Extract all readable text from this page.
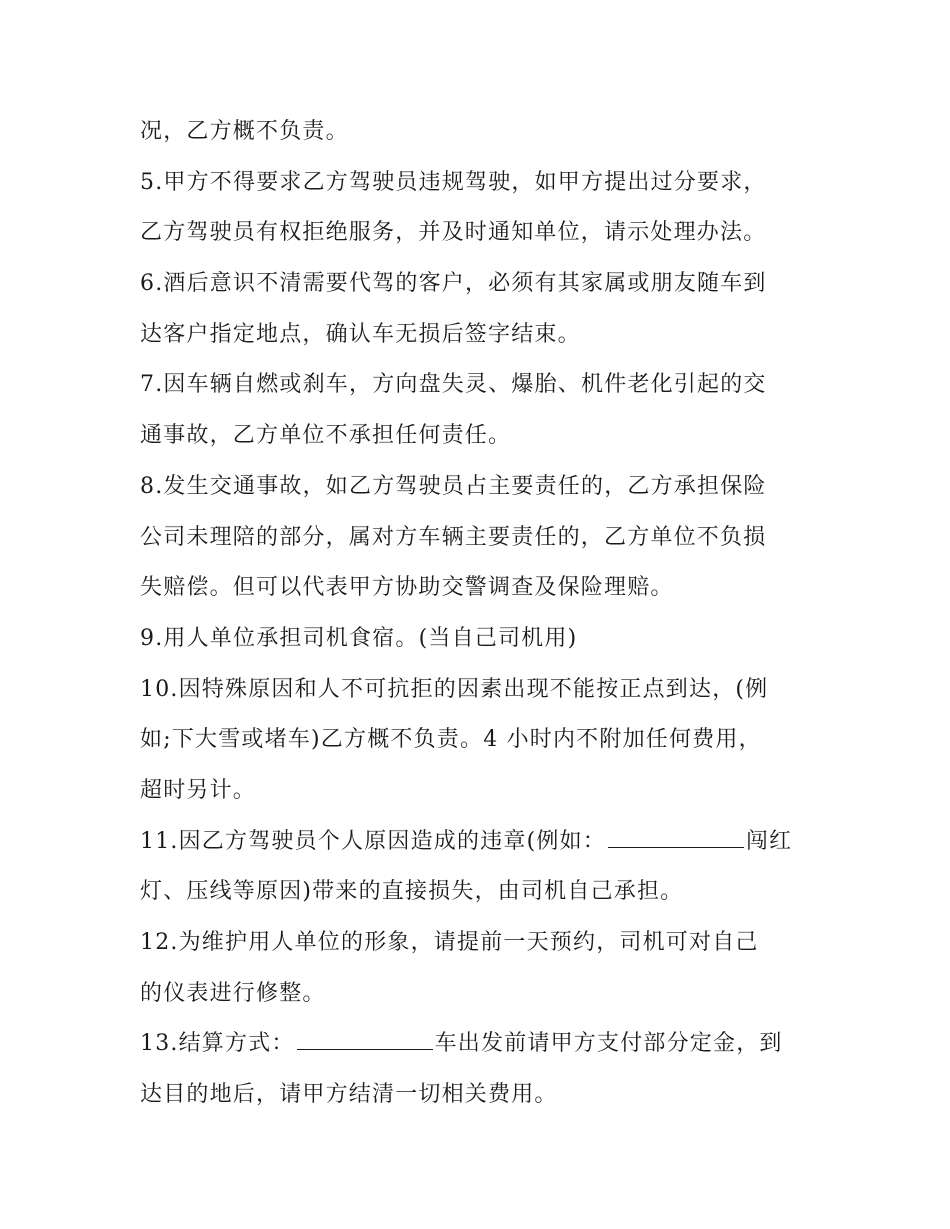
况，乙方概不负责。
5.甲方不得要求乙方驾驶员违规驾驶，如甲方提出过分要求，
乙方驾驶员有权拒绝服务，并及时通知单位，请示处理办法。
6.酒后意识不清需要代驾的客户，必须有其家属或朋友随车到
达客户指定地点，确认车无损后签字结束。
7.因车辆自燃或刹车，方向盘失灵、爆胎、机件老化引起的交
通事故，乙方单位不承担任何责任。
8.发生交通事故，如乙方驾驶员占主要责任的，乙方承担保险
公司未理陪的部分，属对方车辆主要责任的，乙方单位不负损
失赔偿。但可以代表甲方协助交警调查及保险理赔。
9.用人单位承担司机食宿。(当自己司机用)
10.因特殊原因和人不可抗拒的因素出现不能按正点到达，(例
如;下大雪或堵车)乙方概不负责。4 小时内不附加任何费用，
超时另计。
11.因乙方驾驶员个人原因造成的违章(例如：	闯红
灯、压线等原因)带来的直接损失，由司机自己承担。
12.为维护用人单位的形象，请提前一天预约，司机可对自己
的仪表进行修整。
13.结算方式：	车出发前请甲方支付部分定金，到
达目的地后，请甲方结清一切相关费用。
